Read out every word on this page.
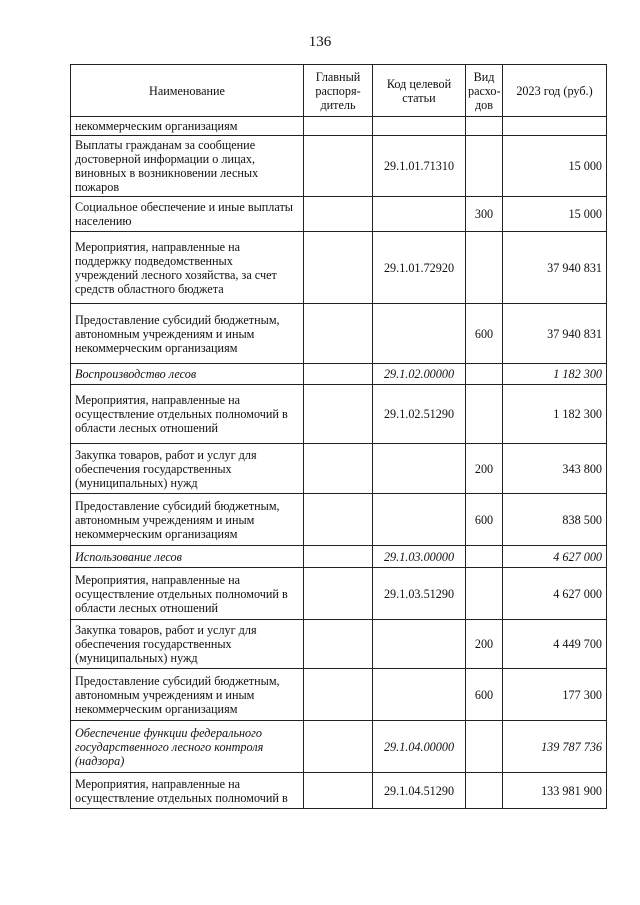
136
Наименование	Главный распоря-дитель	Код целевой статьи	Вид расхо-дов	2023 год (руб.)
некоммерческим организациям				
Выплаты гражданам за сообщение достоверной информации о лицах, виновных в возникновении лесных пожаров		29.1.01.71310		15 000
Социальное обеспечение и иные выплаты населению			300	15 000
Мероприятия, направленные на поддержку подведомственных учреждений лесного хозяйства, за счет средств областного бюджета		29.1.01.72920		37 940 831
Предоставление субсидий бюджетным, автономным учреждениям и иным некоммерческим организациям			600	37 940 831
Воспроизводство лесов		29.1.02.00000		1 182 300
Мероприятия, направленные на осуществление отдельных полномочий в области лесных отношений		29.1.02.51290		1 182 300
Закупка товаров, работ и услуг для обеспечения государственных (муниципальных) нужд			200	343 800
Предоставление субсидий бюджетным, автономным учреждениям и иным некоммерческим организациям			600	838 500
Использование лесов		29.1.03.00000		4 627 000
Мероприятия, направленные на осуществление отдельных полномочий в области лесных отношений		29.1.03.51290		4 627 000
Закупка товаров, работ и услуг для обеспечения государственных (муниципальных) нужд			200	4 449 700
Предоставление субсидий бюджетным, автономным учреждениям и иным некоммерческим организациям			600	177 300
Обеспечение функции федерального государственного лесного контроля (надзора)		29.1.04.00000		139 787 736
Мероприятия, направленные на осуществление отдельных полномочий в		29.1.04.51290		133 981 900
